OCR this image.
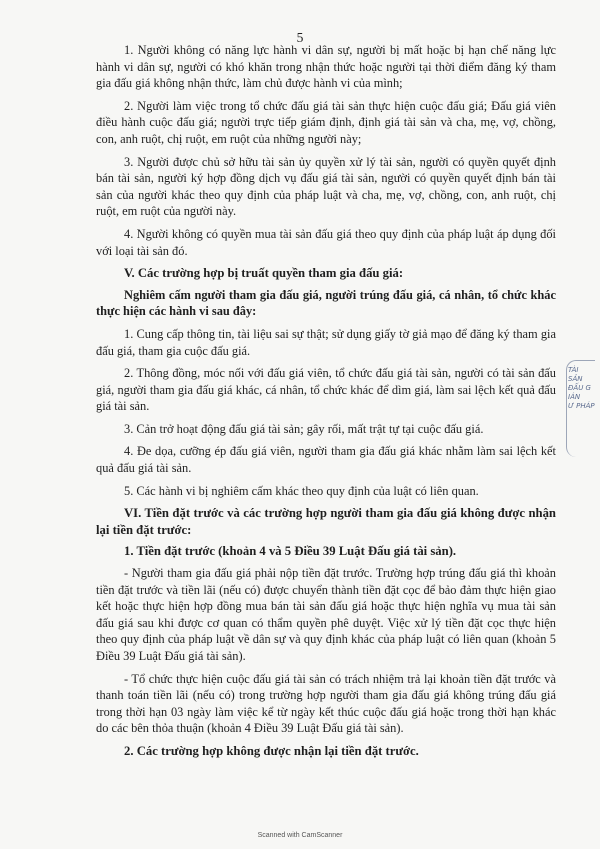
5

1. Người không có năng lực hành vi dân sự, người bị mất hoặc bị hạn chế năng lực hành vi dân sự, người có khó khăn trong nhận thức hoặc người tại thời điểm đăng ký tham gia đấu giá không nhận thức, làm chủ được hành vi của mình;

2. Người làm việc trong tổ chức đấu giá tài sản thực hiện cuộc đấu giá; Đấu giá viên điều hành cuộc đấu giá; người trực tiếp giám định, định giá tài sản và cha, mẹ, vợ, chồng, con, anh ruột, chị ruột, em ruột của những người này;

3. Người được chủ sở hữu tài sản ủy quyền xử lý tài sản, người có quyền quyết định bán tài sản, người ký hợp đồng dịch vụ đấu giá tài sản, người có quyền quyết định bán tài sản của người khác theo quy định của pháp luật và cha, mẹ, vợ, chồng, con, anh ruột, chị ruột, em ruột của người này.

4. Người không có quyền mua tài sản đấu giá theo quy định của pháp luật áp dụng đối với loại tài sản đó.

V. Các trường hợp bị truất quyền tham gia đấu giá:

Nghiêm cấm người tham gia đấu giá, người trúng đấu giá, cá nhân, tổ chức khác thực hiện các hành vi sau đây:

1. Cung cấp thông tin, tài liệu sai sự thật; sử dụng giấy tờ giả mạo để đăng ký tham gia đấu giá, tham gia cuộc đấu giá.

2. Thông đồng, móc nối với đấu giá viên, tổ chức đấu giá tài sản, người có tài sản đấu giá, người tham gia đấu giá khác, cá nhân, tổ chức khác để dìm giá, làm sai lệch kết quả đấu giá tài sản.

3. Cản trở hoạt động đấu giá tài sản; gây rối, mất trật tự tại cuộc đấu giá.

4. Đe dọa, cưỡng ép đấu giá viên, người tham gia đấu giá khác nhằm làm sai lệch kết quả đấu giá tài sản.

5. Các hành vi bị nghiêm cấm khác theo quy định của luật có liên quan.

VI. Tiền đặt trước và các trường hợp người tham gia đấu giá không được nhận lại tiền đặt trước:

1. Tiền đặt trước (khoản 4 và 5 Điều 39 Luật Đấu giá tài sản).

- Người tham gia đấu giá phải nộp tiền đặt trước. Trường hợp trúng đấu giá thì khoản tiền đặt trước và tiền lãi (nếu có) được chuyển thành tiền đặt cọc để bảo đảm thực hiện giao kết hoặc thực hiện hợp đồng mua bán tài sản đấu giá hoặc thực hiện nghĩa vụ mua tài sản đấu giá sau khi được cơ quan có thẩm quyền phê duyệt. Việc xử lý tiền đặt cọc thực hiện theo quy định của pháp luật về dân sự và quy định khác của pháp luật có liên quan (khoản 5 Điều 39 Luật Đấu giá tài sản).

- Tổ chức thực hiện cuộc đấu giá tài sản có trách nhiệm trả lại khoản tiền đặt trước và thanh toán tiền lãi (nếu có) trong trường hợp người tham gia đấu giá không trúng đấu giá trong thời hạn 03 ngày làm việc kể từ ngày kết thúc cuộc đấu giá hoặc trong thời hạn khác do các bên thỏa thuận (khoản 4 Điều 39 Luật Đấu giá tài sản).

2. Các trường hợp không được nhận lại tiền đặt trước.

TÀI
SẢN
ĐẤU G
IÁN
Ư PHÁP
Scanned with CamScanner
